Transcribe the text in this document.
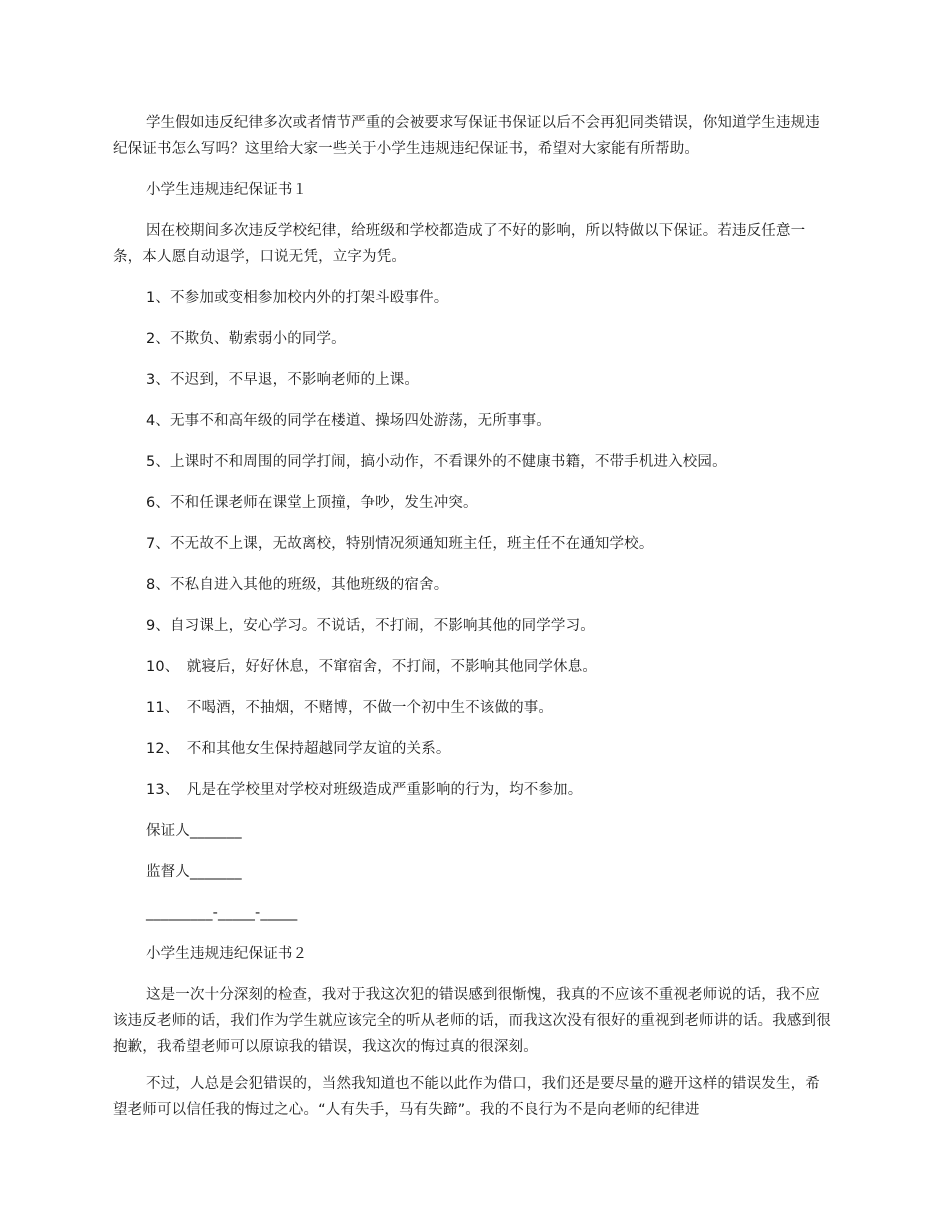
学生假如违反纪律多次或者情节严重的会被要求写保证书保证以后不会再犯同类错误，你知道学生违规违纪保证书怎么写吗？这里给大家一些关于小学生违规违纪保证书，希望对大家能有所帮助。

小学生违规违纪保证书１

因在校期间多次违反学校纪律，给班级和学校都造成了不好的影响，所以特做以下保证。若违反任意一条，本人愿自动退学，口说无凭，立字为凭。

1、不参加或变相参加校内外的打架斗殴事件。

2、不欺负、勒索弱小的同学。

3、不迟到，不早退，不影响老师的上课。

4、无事不和高年级的同学在楼道、操场四处游荡，无所事事。

5、上课时不和周围的同学打闹，搞小动作，不看课外的不健康书籍，不带手机进入校园。

6、不和任课老师在课堂上顶撞，争吵，发生冲突。

7、不无故不上课，无故离校，特别情况须通知班主任，班主任不在通知学校。

8、不私自进入其他的班级，其他班级的宿舍。

9、自习课上，安心学习。不说话，不打闹，不影响其他的同学学习。

10、　就寝后，好好休息，不窜宿舍，不打闹，不影响其他同学休息。

11、　不喝酒，不抽烟，不赌博，不做一个初中生不该做的事。

12、　不和其他女生保持超越同学友谊的关系。

13、　凡是在学校里对学校对班级造成严重影响的行为，均不参加。

保证人_______

监督人_______

_________-_____-_____

小学生违规违纪保证书２

这是一次十分深刻的检查，我对于我这次犯的错误感到很惭愧，我真的不应该不重视老师说的话，我不应该违反老师的话，我们作为学生就应该完全的听从老师的话，而我这次没有很好的重视到老师讲的话。我感到很抱歉，我希望老师可以原谅我的错误，我这次的悔过真的很深刻。

不过，人总是会犯错误的，当然我知道也不能以此作为借口，我们还是要尽量的避开这样的错误发生，希望老师可以信任我的悔过之心。“人有失手，马有失蹄”。我的不良行为不是向老师的纪律进
